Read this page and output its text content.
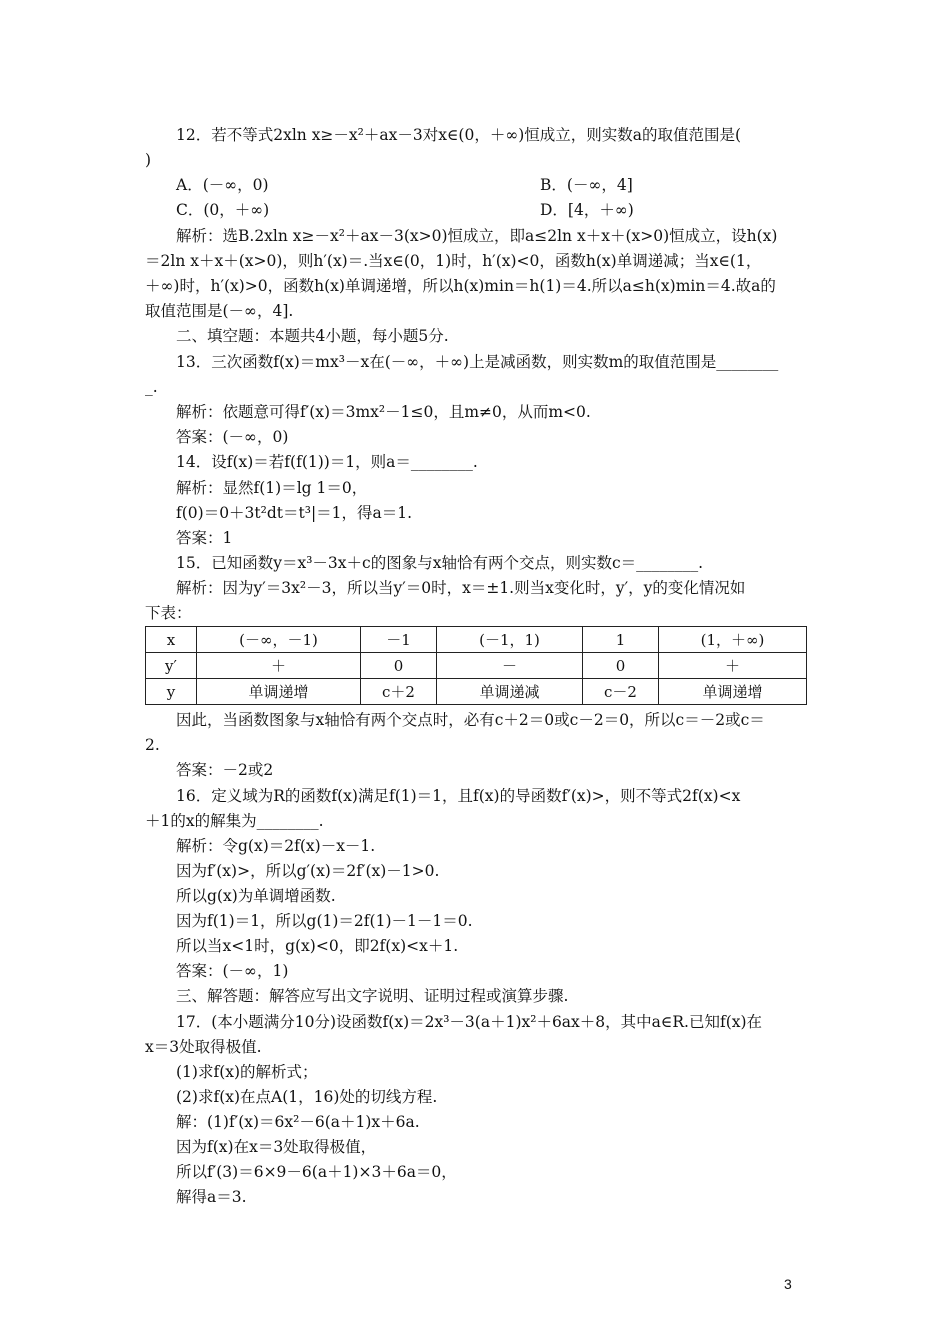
12．若不等式2xln x≥－x²＋ax－3对x∈(0，＋∞)恒成立，则实数a的取值范围是(
)
A．(－∞，0)	B．(－∞，4]
C．(0，＋∞)	D．[4，＋∞)
解析：选B.2xln x≥－x²＋ax－3(x>0)恒成立，即a≤2ln x＋x＋(x>0)恒成立，设h(x)
＝2ln x＋x＋(x>0)，则h′(x)＝.当x∈(0，1)时，h′(x)<0，函数h(x)单调递减；当x∈(1，
＋∞)时，h′(x)>0，函数h(x)单调递增，所以h(x)min＝h(1)＝4.所以a≤h(x)min＝4.故a的
取值范围是(－∞，4].
二、填空题：本题共4小题，每小题5分.
13．三次函数f(x)＝mx³－x在(－∞，＋∞)上是减函数，则实数m的取值范围是________
_.
解析：依题意可得f′(x)＝3mx²－1≤0，且m≠0，从而m<0.
答案：(－∞，0)
14．设f(x)＝若f(f(1))＝1，则a＝________.
解析：显然f(1)＝lg 1＝0，
f(0)＝0＋3t²dt＝t³|＝1，得a＝1.
答案：1
15．已知函数y＝x³－3x＋c的图象与x轴恰有两个交点，则实数c＝________.
解析：因为y′＝3x²－3，所以当y′＝0时，x＝±1.则当x变化时，y′，y的变化情况如
下表：
x	(－∞，－1)	－1	(－1，1)	1	(1，＋∞)
y′	＋	0	－	0	＋
y	单调递增	c＋2	单调递减	c－2	单调递增
因此，当函数图象与x轴恰有两个交点时，必有c＋2＝0或c－2＝0，所以c＝－2或c＝
2.
答案：－2或2
16．定义域为R的函数f(x)满足f(1)＝1，且f(x)的导函数f′(x)>，则不等式2f(x)<x
＋1的x的解集为________.
解析：令g(x)＝2f(x)－x－1.
因为f′(x)>，所以g′(x)＝2f′(x)－1>0.
所以g(x)为单调增函数.
因为f(1)＝1，所以g(1)＝2f(1)－1－1＝0.
所以当x<1时，g(x)<0，即2f(x)<x＋1.
答案：(－∞，1)
三、解答题：解答应写出文字说明、证明过程或演算步骤.
17．(本小题满分10分)设函数f(x)＝2x³－3(a＋1)x²＋6ax＋8，其中a∈R.已知f(x)在
x＝3处取得极值.
(1)求f(x)的解析式；
(2)求f(x)在点A(1，16)处的切线方程.
解：(1)f′(x)＝6x²－6(a＋1)x＋6a.
因为f(x)在x＝3处取得极值，
所以f′(3)＝6×9－6(a＋1)×3＋6a＝0，
解得a＝3.
3
